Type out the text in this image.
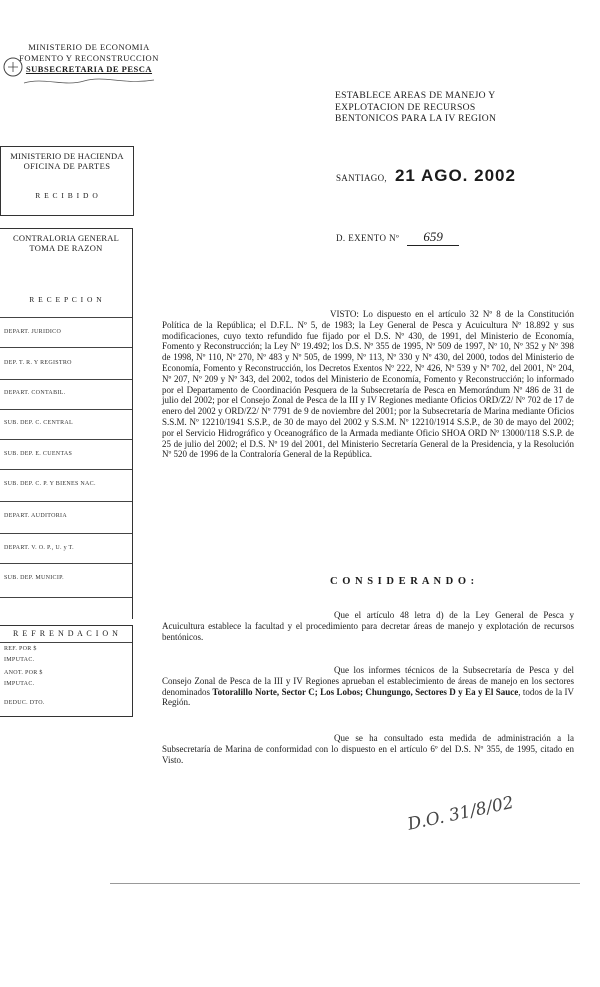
MINISTERIO DE ECONOMIA
FOMENTO Y RECONSTRUCCION
SUBSECRETARIA DE PESCA
ESTABLECE AREAS DE MANEJO Y
EXPLOTACION DE RECURSOS
BENTONICOS PARA LA IV REGION
SANTIAGO, 21 AGO. 2002
D. EXENTO Nº 659
MINISTERIO DE HACIENDA
OFICINA DE PARTES
R E C I B I D O
CONTRALORIA GENERAL
TOMA DE RAZON
R E C E P C I O N
DEPART. JURIDICO
DEP. T. R. Y REGISTRO
DEPART. CONTABIL.
SUB. DEP. C. CENTRAL
SUB. DEP. E. CUENTAS
SUB. DEP. C. P. Y BIENES NAC.
DEPART. AUDITORIA
DEPART. V. O. P., U. y T.
SUB. DEP. MUNICIP.
R E F R E N D A C I O N
REF. POR $
IMPUTAC.
ANOT. POR $
IMPUTAC.
DEDUC. DTO.
VISTO: Lo dispuesto en el artículo 32 Nº 8 de la Constitución Política de la República; el D.F.L. Nº 5, de 1983; la Ley General de Pesca y Acuicultura Nº 18.892 y sus modificaciones, cuyo texto refundido fue fijado por el D.S. Nº 430, de 1991, del Ministerio de Economía, Fomento y Reconstrucción; la Ley Nº 19.492; los D.S. Nº 355 de 1995, Nº 509 de 1997, Nº 10, Nº 352 y Nº 398 de 1998, Nº 110, Nº 270, Nº 483 y Nº 505, de 1999, Nº 113, Nº 330 y Nº 430, del 2000, todos del Ministerio de Economía, Fomento y Reconstrucción, los Decretos Exentos Nº 222, Nº 426, Nº 539 y Nº 702, del 2001, Nº 204, Nº 207, Nº 209 y Nº 343, del 2002, todos del Ministerio de Economía, Fomento y Reconstrucción; lo informado por el Departamento de Coordinación Pesquera de la Subsecretaría de Pesca en Memorándum Nº 486 de 31 de julio del 2002; por el Consejo Zonal de Pesca de la III y IV Regiones mediante Oficios ORD/Z2/ Nº 702 de 17 de enero del 2002 y ORD/Z2/ Nº 7791 de 9 de noviembre del 2001; por la Subsecretaría de Marina mediante Oficios S.S.M. Nº 12210/1941 S.S.P., de 30 de mayo del 2002 y S.S.M. Nº 12210/1914 S.S.P., de 30 de mayo del 2002; por el Servicio Hidrográfico y Oceanográfico de la Armada mediante Oficio SHOA ORD Nº 13000/118 S.S.P. de 25 de julio del 2002; el D.S. Nº 19 del 2001, del Ministerio Secretaría General de la Presidencia, y la Resolución Nº 520 de 1996 de la Contraloría General de la República.
C O N S I D E R A N D O :
Que el artículo 48 letra d) de la Ley General de Pesca y Acuicultura establece la facultad y el procedimiento para decretar áreas de manejo y explotación de recursos bentónicos.
Que los informes técnicos de la Subsecretaría de Pesca y del Consejo Zonal de Pesca de la III y IV Regiones aprueban el establecimiento de áreas de manejo en los sectores denominados Totoralillo Norte, Sector C; Los Lobos; Chungungo, Sectores D y Ea y El Sauce, todos de la IV Región.
Que se ha consultado esta medida de administración a la Subsecretaría de Marina de conformidad con lo dispuesto en el artículo 6º del D.S. Nº 355, de 1995, citado en Visto.
D.O. 31/8/02
